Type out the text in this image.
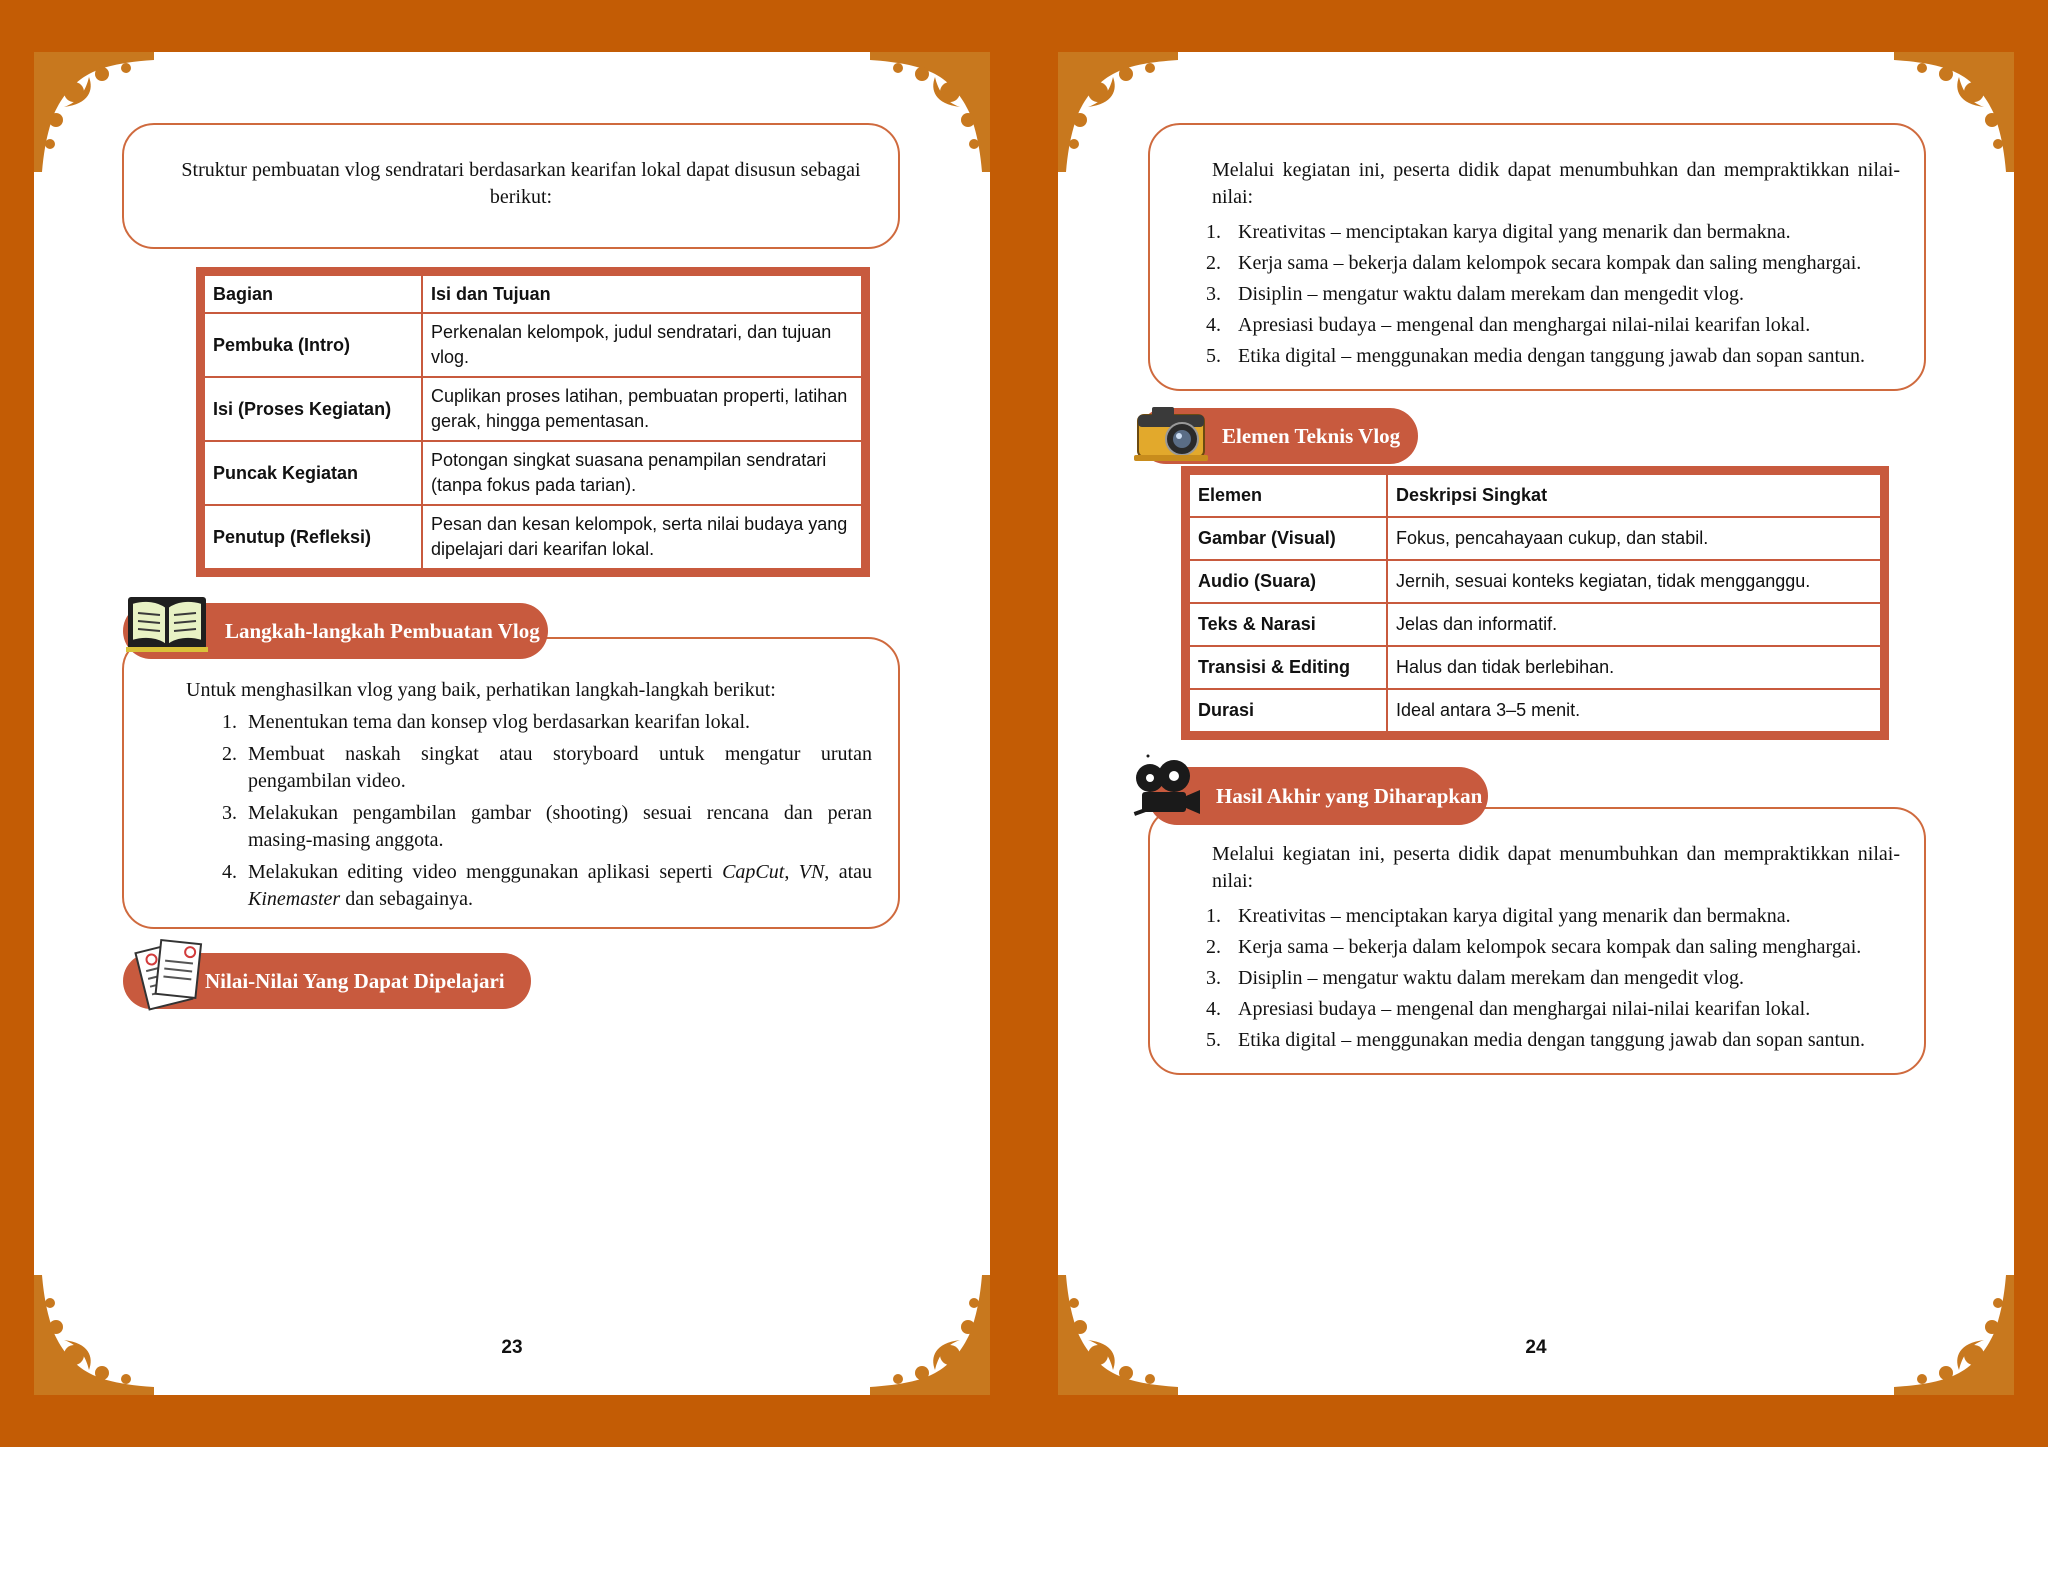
Struktur pembuatan vlog sendratari berdasarkan kearifan lokal dapat disusun sebagai berikut:
Bagian	Isi dan Tujuan
Pembuka (Intro)	Perkenalan kelompok, judul sendratari, dan tujuan vlog.
Isi (Proses Kegiatan)	Cuplikan proses latihan, pembuatan properti, latihan gerak, hingga pementasan.
Puncak Kegiatan	Potongan singkat suasana penampilan sendratari (tanpa fokus pada tarian).
Penutup (Refleksi)	Pesan dan kesan kelompok, serta nilai budaya yang dipelajari dari kearifan lokal.
Untuk menghasilkan vlog yang baik, perhatikan langkah-langkah berikut:
1. Menentukan tema dan konsep vlog berdasarkan kearifan lokal.
2. Membuat naskah singkat atau storyboard untuk mengatur urutan pengambilan video.
3. Melakukan pengambilan gambar (shooting) sesuai rencana dan peran masing-masing anggota.
4. Melakukan editing video menggunakan aplikasi seperti CapCut, VN, atau Kinemaster dan sebagainya.
Langkah-langkah Pembuatan Vlog
Nilai-Nilai Yang Dapat Dipelajari
23
Melalui kegiatan ini, peserta didik dapat menumbuhkan dan mempraktikkan nilai-nilai:
1. Kreativitas – menciptakan karya digital yang menarik dan bermakna.
2. Kerja sama – bekerja dalam kelompok secara kompak dan saling menghargai.
3. Disiplin – mengatur waktu dalam merekam dan mengedit vlog.
4. Apresiasi budaya – mengenal dan menghargai nilai-nilai kearifan lokal.
5. Etika digital – menggunakan media dengan tanggung jawab dan sopan santun.
Elemen Teknis Vlog
Elemen	Deskripsi Singkat
Gambar (Visual)	Fokus, pencahayaan cukup, dan stabil.
Audio (Suara)	Jernih, sesuai konteks kegiatan, tidak mengganggu.
Teks & Narasi	Jelas dan informatif.
Transisi & Editing	Halus dan tidak berlebihan.
Durasi	Ideal antara 3–5 menit.
Melalui kegiatan ini, peserta didik dapat menumbuhkan dan mempraktikkan nilai-nilai:
1. Kreativitas – menciptakan karya digital yang menarik dan bermakna.
2. Kerja sama – bekerja dalam kelompok secara kompak dan saling menghargai.
3. Disiplin – mengatur waktu dalam merekam dan mengedit vlog.
4. Apresiasi budaya – mengenal dan menghargai nilai-nilai kearifan lokal.
5. Etika digital – menggunakan media dengan tanggung jawab dan sopan santun.
Hasil Akhir yang Diharapkan
24
